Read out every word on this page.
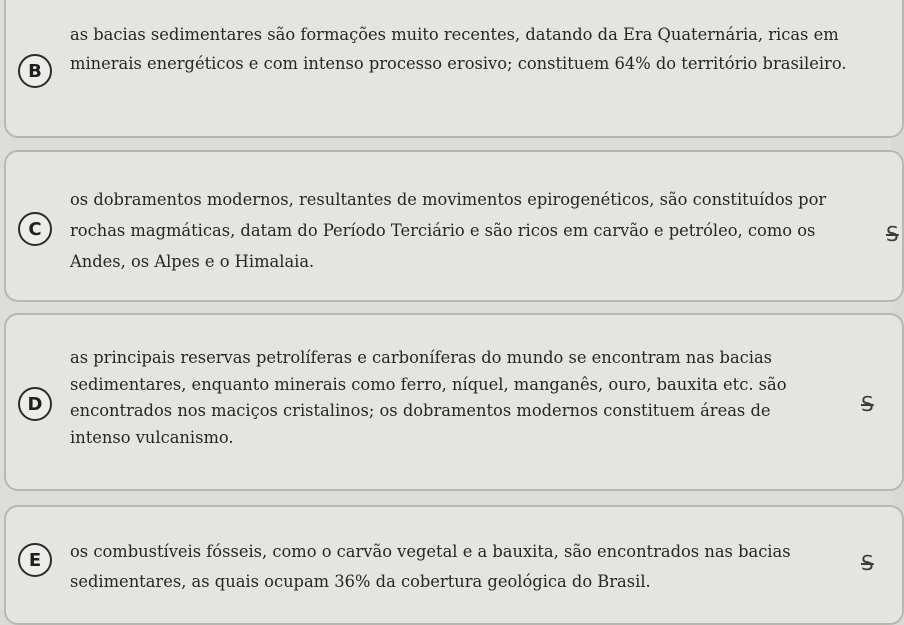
B
as bacias sedimentares são formações muito recentes, datando da Era Quaternária, ricas em minerais energéticos e com intenso processo erosivo; constituem 64% do território brasileiro.
C
os dobramentos modernos, resultantes de movimentos epirogenéticos, são constituídos por rochas magmáticas, datam do Período Terciário e são ricos em carvão e petróleo, como os Andes, os Alpes e o Himalaia.
S
D
as principais reservas petrolíferas e carboníferas do mundo se encontram nas bacias sedimentares, enquanto minerais como ferro, níquel, manganês, ouro, bauxita etc. são encontrados nos maciços cristalinos; os dobramentos modernos constituem áreas de intenso vulcanismo.
S
E	os combustíveis fósseis, como o carvão vegetal e a bauxita, são encontrados nas bacias sedimentares, as quais ocupam 36% da cobertura geológica do Brasil.
S
